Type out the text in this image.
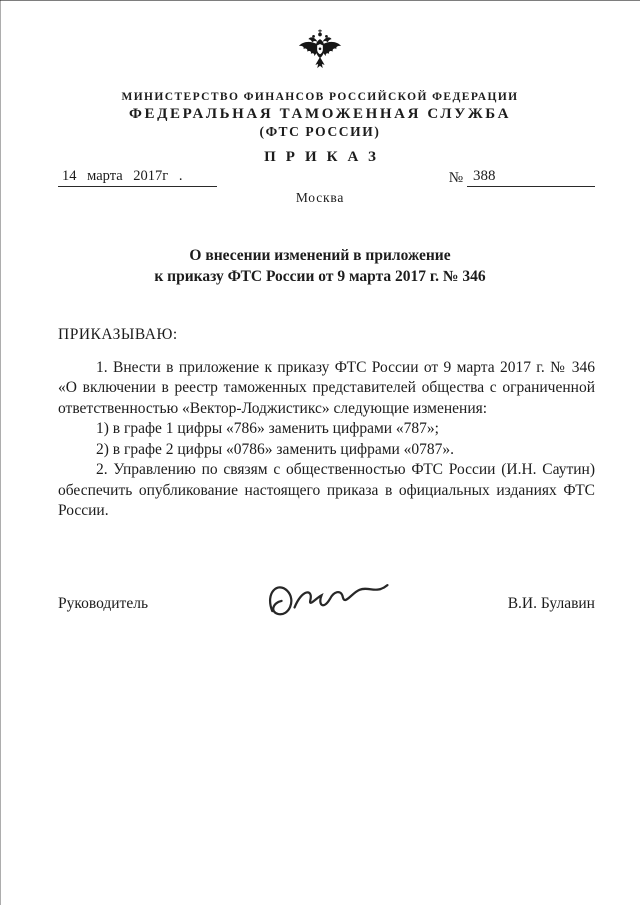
МИНИСТЕРСТВО ФИНАНСОВ РОССИЙСКОЙ ФЕДЕРАЦИИ
ФЕДЕРАЛЬНАЯ ТАМОЖЕННАЯ СЛУЖБА
(ФТС РОССИИ)
ПРИКАЗ
14 марта 2017г .	№ 388
Москва
О внесении изменений в приложение
к приказу ФТС России от 9 марта 2017 г. № 346
ПРИКАЗЫВАЮ:

1. Внести в приложение к приказу ФТС России от 9 марта 2017 г. № 346 «О включении в реестр таможенных представителей общества с ограниченной ответственностью «Вектор-Лоджистикс» следующие изменения:

1) в графе 1 цифры «786» заменить цифрами «787»;

2) в графе 2 цифры «0786» заменить цифрами «0787».

2. Управлению по связям с общественностью ФТС России (И.Н. Саутин) обеспечить опубликование настоящего приказа в официальных изданиях ФТС России.

Руководитель	В.И. Булавин
